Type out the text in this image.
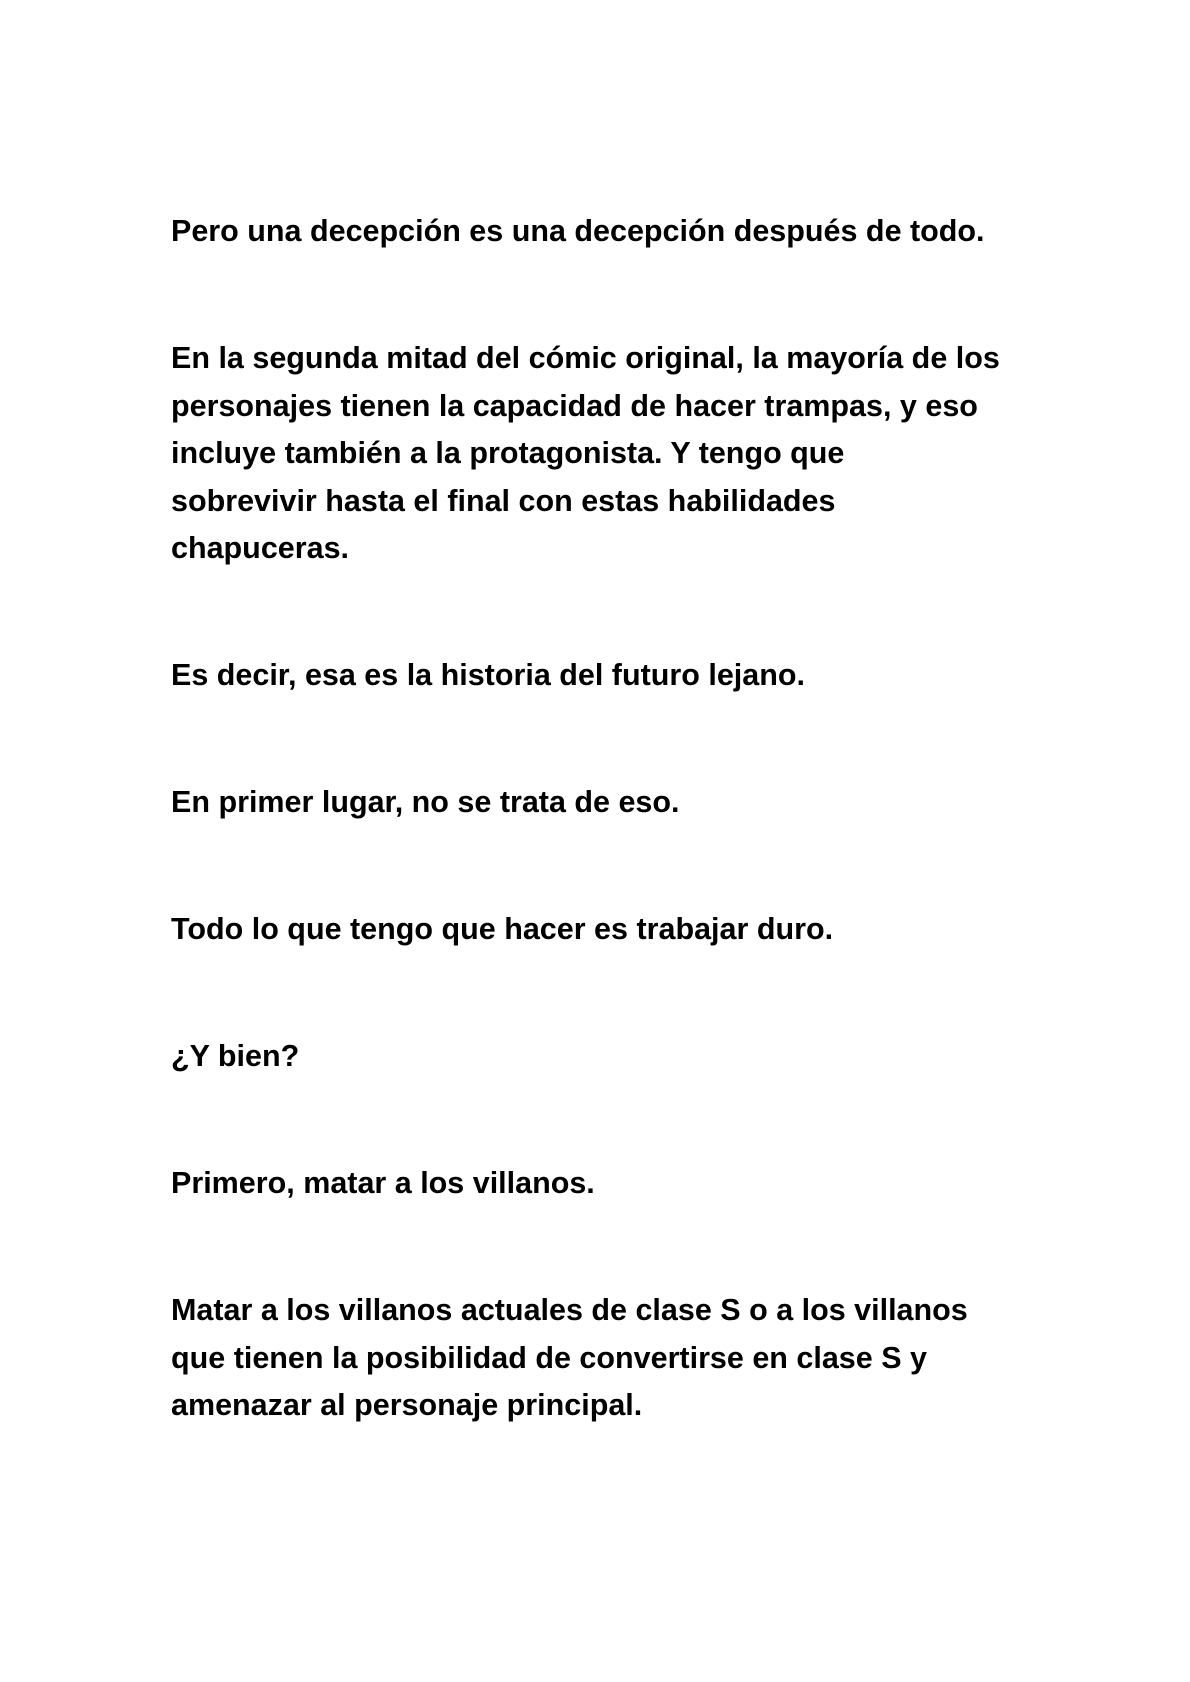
Pero una decepción es una decepción después de todo.

En la segunda mitad del cómic original, la mayoría de los
personajes tienen la capacidad de hacer trampas, y eso
incluye también a la protagonista. Y tengo que
sobrevivir hasta el final con estas habilidades
chapuceras.

Es decir, esa es la historia del futuro lejano.

En primer lugar, no se trata de eso.

Todo lo que tengo que hacer es trabajar duro.

¿Y bien?

Primero, matar a los villanos.

Matar a los villanos actuales de clase S o a los villanos
que tienen la posibilidad de convertirse en clase S y
amenazar al personaje principal.
